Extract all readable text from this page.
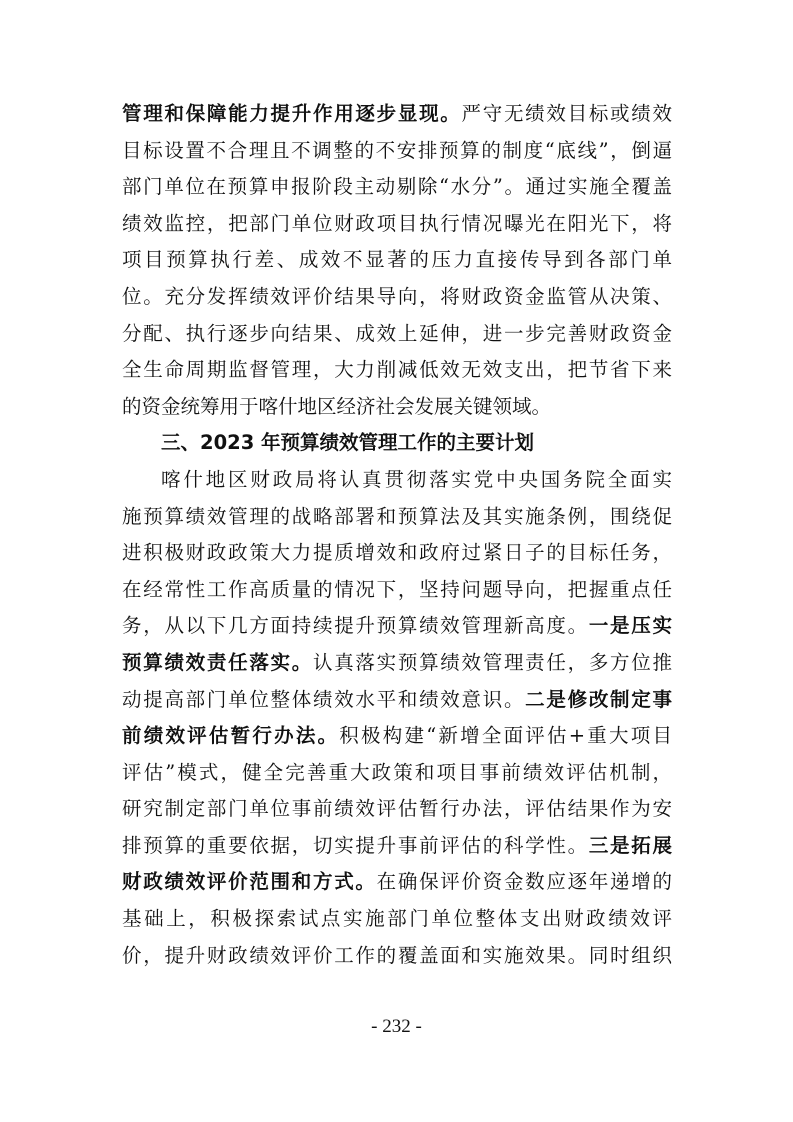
管理和保障能力提升作用逐步显现。严守无绩效目标或绩效
目标设置不合理且不调整的不安排预算的制度“底线”，倒逼
部门单位在预算申报阶段主动剔除“水分”。通过实施全覆盖
绩效监控，把部门单位财政项目执行情况曝光在阳光下，将
项目预算执行差、成效不显著的压力直接传导到各部门单
位。充分发挥绩效评价结果导向，将财政资金监管从决策、
分配、执行逐步向结果、成效上延伸，进一步完善财政资金
全生命周期监督管理，大力削减低效无效支出，把节省下来
的资金统筹用于喀什地区经济社会发展关键领域。
三、2023 年预算绩效管理工作的主要计划
喀什地区财政局将认真贯彻落实党中央国务院全面实
施预算绩效管理的战略部署和预算法及其实施条例，围绕促
进积极财政政策大力提质增效和政府过紧日子的目标任务，
在经常性工作高质量的情况下，坚持问题导向，把握重点任
务，从以下几方面持续提升预算绩效管理新高度。一是压实
预算绩效责任落实。认真落实预算绩效管理责任，多方位推
动提高部门单位整体绩效水平和绩效意识。二是修改制定事
前绩效评估暂行办法。积极构建“新增全面评估+重大项目
评估”模式，健全完善重大政策和项目事前绩效评估机制，
研究制定部门单位事前绩效评估暂行办法，评估结果作为安
排预算的重要依据，切实提升事前评估的科学性。三是拓展
财政绩效评价范围和方式。在确保评价资金数应逐年递增的
基础上，积极探索试点实施部门单位整体支出财政绩效评
价，提升财政绩效评价工作的覆盖面和实施效果。同时组织
- 232 -
